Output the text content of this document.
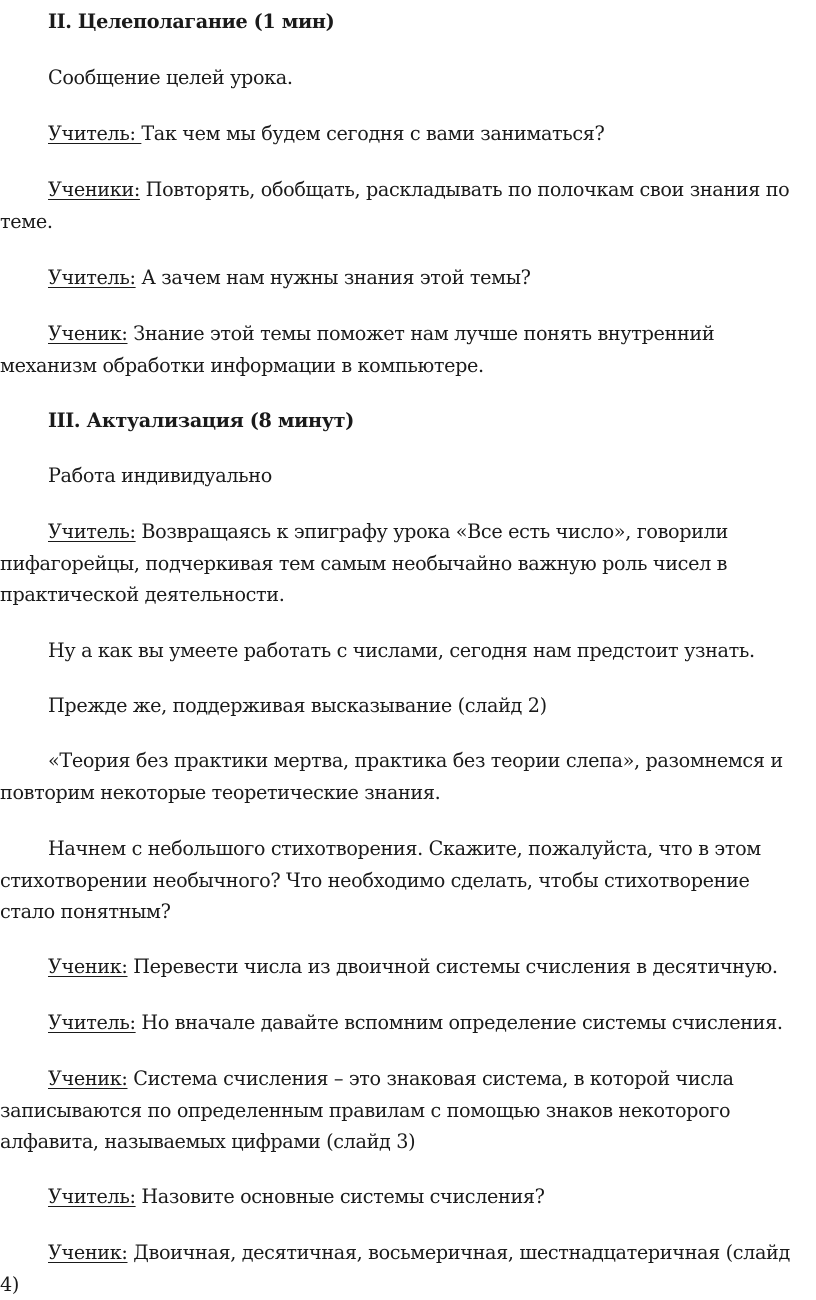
II. Целеполагание (1 мин)

Сообщение целей урока.

Учитель: Так чем мы будем сегодня с вами заниматься?

Ученики: Повторять, обобщать, раскладывать по полочкам свои знания по теме.

Учитель: А зачем нам нужны знания этой темы?

Ученик: Знание этой темы поможет нам лучше понять внутренний механизм обработки информации в компьютере.

III. Актуализация (8 минут)

Работа индивидуально

Учитель: Возвращаясь к эпиграфу урока «Все есть число», говорили пифагорейцы, подчеркивая тем самым необычайно важную роль чисел в практической деятельности.

Ну а как вы умеете работать с числами, сегодня нам предстоит узнать.

Прежде же, поддерживая высказывание (слайд 2)

«Теория без практики мертва, практика без теории слепа», разомнемся и повторим некоторые теоретические знания.

Начнем с небольшого стихотворения. Скажите, пожалуйста, что в этом стихотворении необычного? Что необходимо сделать, чтобы стихотворение стало понятным?

Ученик: Перевести числа из двоичной системы счисления в десятичную.

Учитель: Но вначале давайте вспомним определение системы счисления.

Ученик: Система счисления – это знаковая система, в которой числа записываются по определенным правилам с помощью знаков некоторого алфавита, называемых цифрами (слайд 3)

Учитель: Назовите основные системы счисления?

Ученик: Двоичная, десятичная, восьмеричная, шестнадцатеричная (слайд 4)
